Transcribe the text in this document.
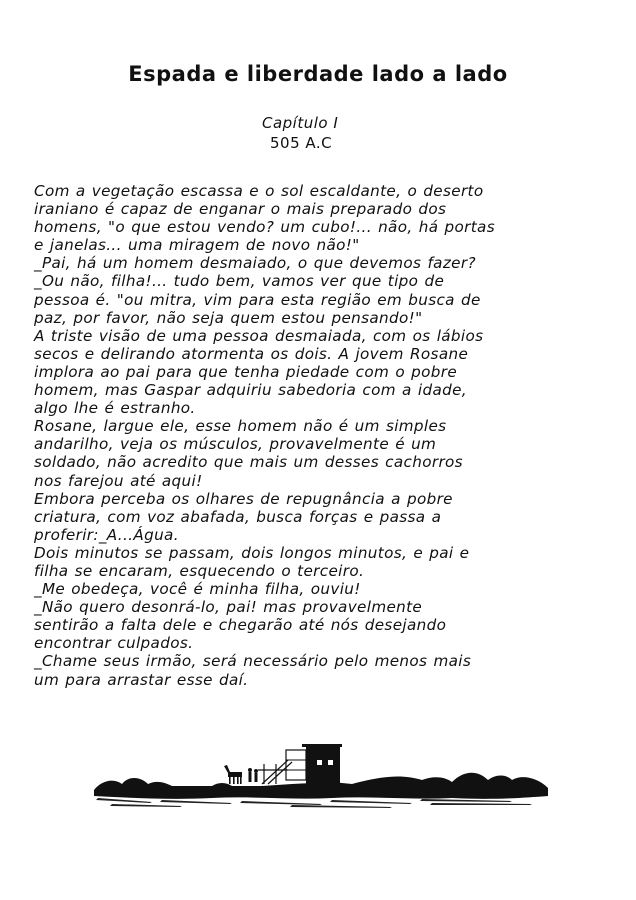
Espada e liberdade lado a lado
Capítulo I
505 A.C

Com a vegetação escassa e o sol escaldante, o deserto

iraniano é capaz de enganar o mais preparado dos

homens, "o que estou vendo? um cubo!... não, há portas

e janelas... uma miragem de novo não!"

_Pai, há um homem desmaiado, o que devemos fazer?

_Ou não, filha!... tudo bem, vamos ver que tipo de

pessoa é. "ou mitra, vim para esta região em busca de

paz, por favor, não seja quem estou pensando!"

A triste visão de uma pessoa desmaiada, com os lábios

secos e delirando atormenta os dois. A jovem Rosane

implora ao pai para que tenha piedade com o pobre

homem, mas Gaspar adquiriu sabedoria com a idade,

algo lhe é estranho.

Rosane, largue ele, esse homem não é um simples

andarilho, veja os músculos, provavelmente é um

soldado, não acredito que mais um desses cachorros

nos farejou até aqui!

Embora perceba os olhares de repugnância a pobre

criatura, com voz abafada, busca forças e passa a

proferir:_A...Água.

Dois minutos se passam, dois longos minutos, e pai e

filha se encaram, esquecendo o terceiro.

_Me obedeça, você é minha filha, ouviu!

_Não quero desonrá-lo, pai! mas provavelmente

sentirão a falta dele e chegarão até nós desejando

encontrar culpados.

_Chame seus irmão, será necessário pelo menos mais

um para arrastar esse daí.
